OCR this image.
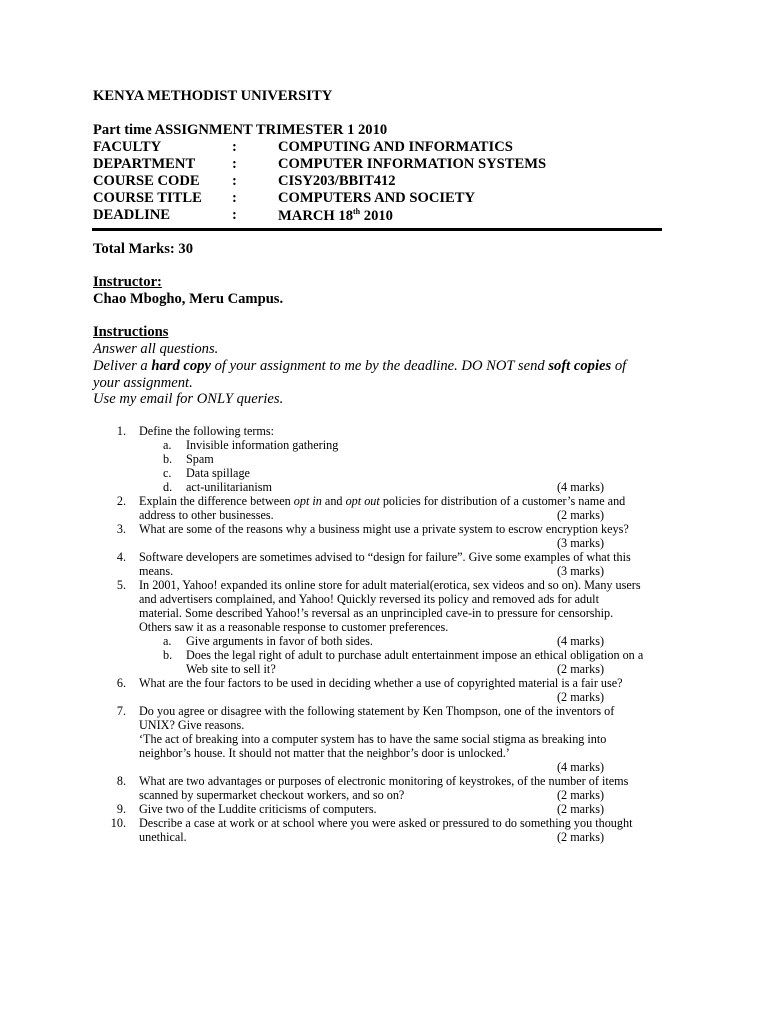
KENYA METHODIST UNIVERSITY
Part time ASSIGNMENT TRIMESTER 1 2010
FACULTY	:	COMPUTING AND INFORMATICS
DEPARTMENT	:	COMPUTER INFORMATION SYSTEMS
COURSE CODE :	CISY203/BBIT412
COURSE TITLE :	COMPUTERS AND SOCIETY
DEADLINE	:	MARCH 18th 2010
Total Marks: 30
Instructor:
Chao Mbogho, Meru Campus.
Instructions
Answer all questions.
Deliver a hard copy of your assignment to me by the deadline. DO NOT send soft copies of
your assignment.
Use my email for ONLY queries.
1. Define the following terms:
a. Invisible information gathering
b. Spam
c. Data spillage
d. act-unilitarianism	(4 marks)
2. Explain the difference between opt in and opt out policies for distribution of a customer’s name and
address to other businesses.	(2 marks)
3. What are some of the reasons why a business might use a private system to escrow encryption keys?
(3 marks)
4. Software developers are sometimes advised to “design for failure”. Give some examples of what this
means.	(3 marks)
5. In 2001, Yahoo! expanded its online store for adult material(erotica, sex videos and so on). Many users
and advertisers complained, and Yahoo! Quickly reversed its policy and removed ads for adult
material. Some described Yahoo!’s reversal as an unprincipled cave-in to pressure for censorship.
Others saw it as a reasonable response to customer preferences.
a. Give arguments in favor of both sides.	(4 marks)
b. Does the legal right of adult to purchase adult entertainment impose an ethical obligation on a
Web site to sell it?	(2 marks)
6. What are the four factors to be used in deciding whether a use of copyrighted material is a fair use?
(2 marks)
7. Do you agree or disagree with the following statement by Ken Thompson, one of the inventors of
UNIX? Give reasons.
‘The act of breaking into a computer system has to have the same social stigma as breaking into
neighbor’s house. It should not matter that the neighbor’s door is unlocked.’
(4 marks)
8. What are two advantages or purposes of electronic monitoring of keystrokes, of the number of items
scanned by supermarket checkout workers, and so on?	(2 marks)
9. Give two of the Luddite criticisms of computers.	(2 marks)
10. Describe a case at work or at school where you were asked or pressured to do something you thought
unethical.	(2 marks)
